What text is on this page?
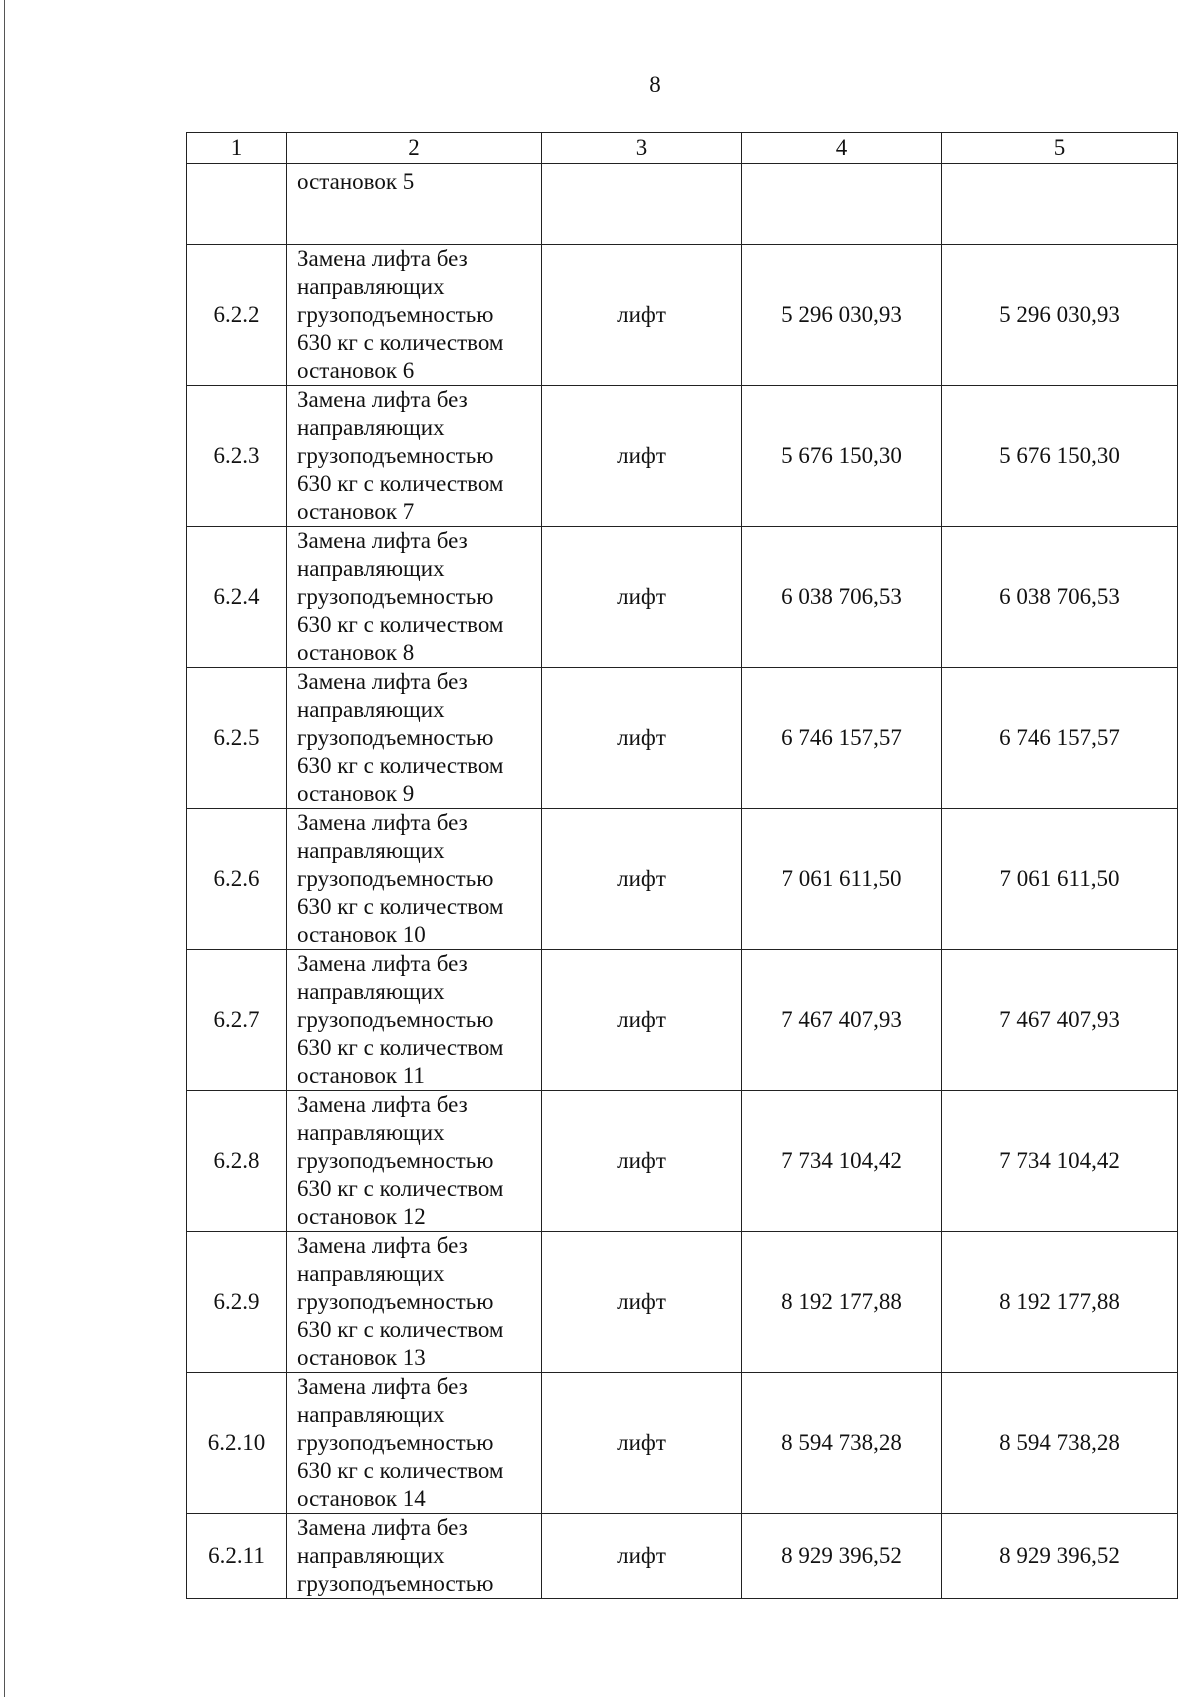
8
1	2	3	4	5
	остановок 5			
6.2.2	Замена лифта без
направляющих
грузоподъемностью
630 кг с количеством
остановок 6	лифт	5 296 030,93	5 296 030,93
6.2.3	Замена лифта без
направляющих
грузоподъемностью
630 кг с количеством
остановок 7	лифт	5 676 150,30	5 676 150,30
6.2.4	Замена лифта без
направляющих
грузоподъемностью
630 кг с количеством
остановок 8	лифт	6 038 706,53	6 038 706,53
6.2.5	Замена лифта без
направляющих
грузоподъемностью
630 кг с количеством
остановок 9	лифт	6 746 157,57	6 746 157,57
6.2.6	Замена лифта без
направляющих
грузоподъемностью
630 кг с количеством
остановок 10	лифт	7 061 611,50	7 061 611,50
6.2.7	Замена лифта без
направляющих
грузоподъемностью
630 кг с количеством
остановок 11	лифт	7 467 407,93	7 467 407,93
6.2.8	Замена лифта без
направляющих
грузоподъемностью
630 кг с количеством
остановок 12	лифт	7 734 104,42	7 734 104,42
6.2.9	Замена лифта без
направляющих
грузоподъемностью
630 кг с количеством
остановок 13	лифт	8 192 177,88	8 192 177,88
6.2.10	Замена лифта без
направляющих
грузоподъемностью
630 кг с количеством
остановок 14	лифт	8 594 738,28	8 594 738,28
6.2.11	Замена лифта без
направляющих
грузоподъемностью	лифт	8 929 396,52	8 929 396,52
